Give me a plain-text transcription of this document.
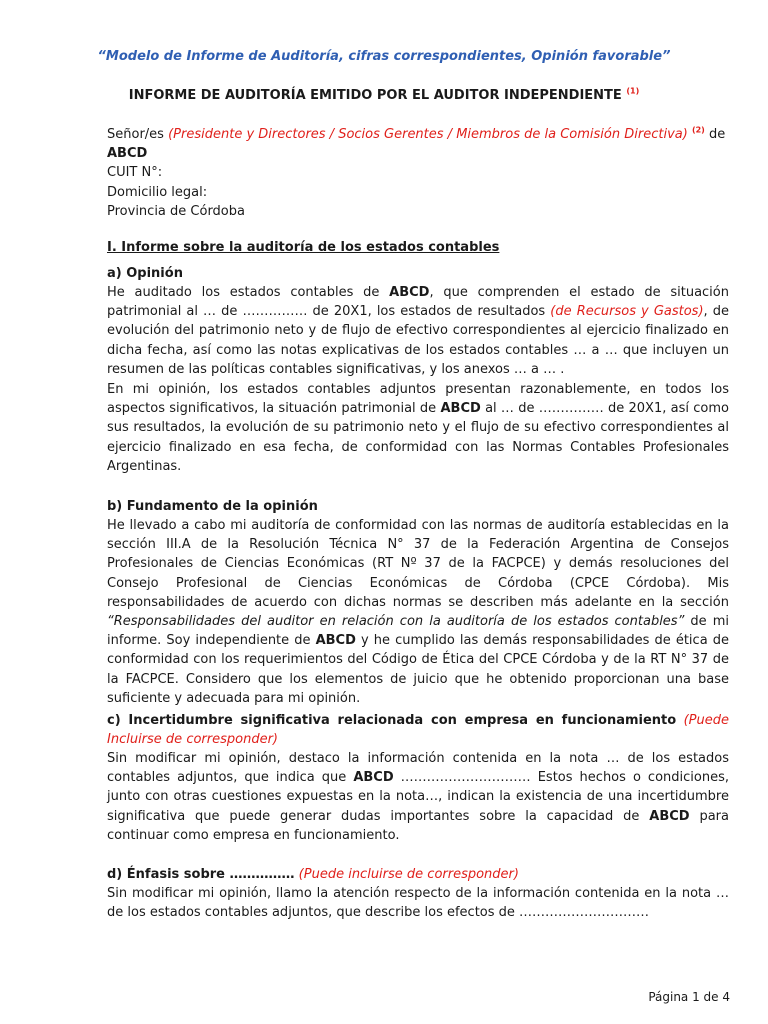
“Modelo de Informe de Auditoría, cifras correspondientes, Opinión favorable”
INFORME DE AUDITORÍA EMITIDO POR EL AUDITOR INDEPENDIENTE $^{(1)}$
Señor/es (Presidente y Directores / Socios Gerentes / Miembros de la Comisión Directiva) $^{(2)}$ de
ABCD
CUIT N°:
Domicilio legal:
Provincia de Córdoba
I. Informe sobre la auditoría de los estados contables
a) Opinión
He auditado los estados contables de ABCD, que comprenden el estado de situación patrimonial al … de …………… de 20X1, los estados de resultados (de Recursos y Gastos), de evolución del patrimonio neto y de flujo de efectivo correspondientes al ejercicio finalizado en dicha fecha, así como las notas explicativas de los estados contables … a … que incluyen un resumen de las políticas contables significativas, y los anexos … a … .
En mi opinión, los estados contables adjuntos presentan razonablemente, en todos los aspectos significativos, la situación patrimonial de ABCD al … de …………… de 20X1, así como sus resultados, la evolución de su patrimonio neto y el flujo de su efectivo correspondientes al ejercicio finalizado en esa fecha, de conformidad con las Normas Contables Profesionales Argentinas.
b) Fundamento de la opinión
He llevado a cabo mi auditoría de conformidad con las normas de auditoría establecidas en la sección III.A de la Resolución Técnica N° 37 de la Federación Argentina de Consejos Profesionales de Ciencias Económicas (RT Nº 37 de la FACPCE) y demás resoluciones del Consejo Profesional de Ciencias Económicas de Córdoba (CPCE Córdoba). Mis responsabilidades de acuerdo con dichas normas se describen más adelante en la sección “Responsabilidades del auditor en relación con la auditoría de los estados contables” de mi informe. Soy independiente de ABCD y he cumplido las demás responsabilidades de ética de conformidad con los requerimientos del Código de Ética del CPCE Córdoba y de la RT N° 37 de la FACPCE. Considero que los elementos de juicio que he obtenido proporcionan una base suficiente y adecuada para mi opinión.
c) Incertidumbre significativa relacionada con empresa en funcionamiento (Puede Incluirse de corresponder)
Sin modificar mi opinión, destaco la información contenida en la nota … de los estados contables adjuntos, que indica que ABCD ………………………… Estos hechos o condiciones, junto con otras cuestiones expuestas en la nota…, indican la existencia de una incertidumbre significativa que puede generar dudas importantes sobre la capacidad de ABCD para continuar como empresa en funcionamiento.
d) Énfasis sobre …………… (Puede incluirse de corresponder)
Sin modificar mi opinión, llamo la atención respecto de la información contenida en la nota … de los estados contables adjuntos, que describe los efectos de …………………………
Página 1 de 4
